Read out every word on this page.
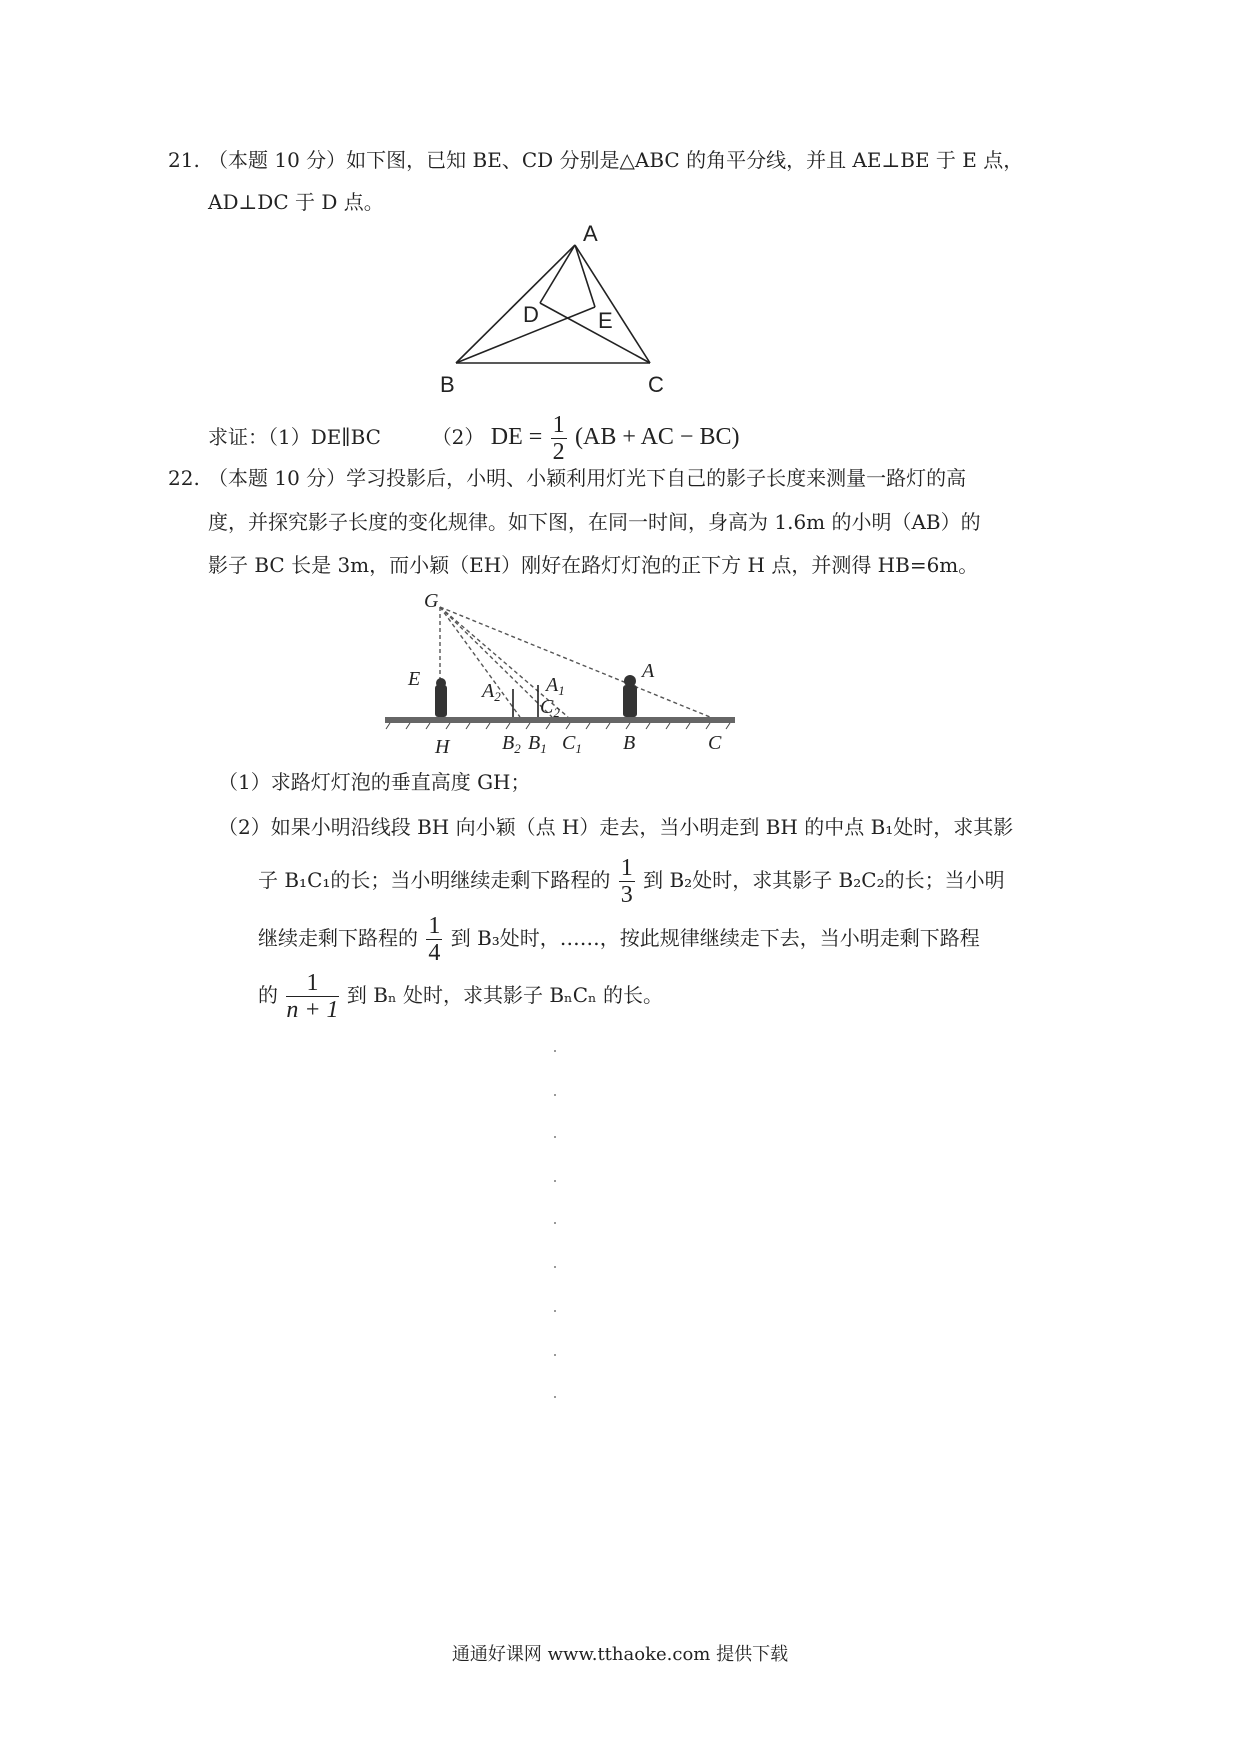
21. （本题 10 分）如下图，已知 BE、CD 分别是△ABC 的角平分线，并且 AE⊥BE 于 E 点，
AD⊥DC 于 D 点。
A
B	C
D	E
求证：（1）DE∥BC	（2） DE = $\frac{1}{2} (AB$ + AC − BC)
22. （本题 10 分）学习投影后，小明、小颖利用灯光下自己的影子长度来测量一路灯的高
度，并探究影子长度的变化规律。如下图，在同一时间，身高为 1.6m 的小明（AB）的
影子 BC 长是 3m，而小颖（EH）刚好在路灯灯泡的正下方 H 点，并测得 HB=6m。
G
E
H
$A_2$
$A_1$
$C_2$
$B_2$ $B_1$ $C_1$
A
B	C
（1）求路灯灯泡的垂直高度 GH；
（2）如果小明沿线段 BH 向小颖（点 H）走去，当小明走到 BH 的中点 B₁处时，求其影
子 B₁C₁的长；当小明继续走剩下路程的 $\frac{1}{3}$ 到 B₂处时，求其影子 B₂C₂的长；当小明
继续走剩下路程的 $\frac{1}{4}$ 到 B₃处时，……，按此规律继续走下去，当小明走剩下路程
的 $\frac{1}{n + 1}$ 到 Bₙ 处时，求其影子 BₙCₙ 的长。
通通好课网 www.tthaoke.com 提供下载
